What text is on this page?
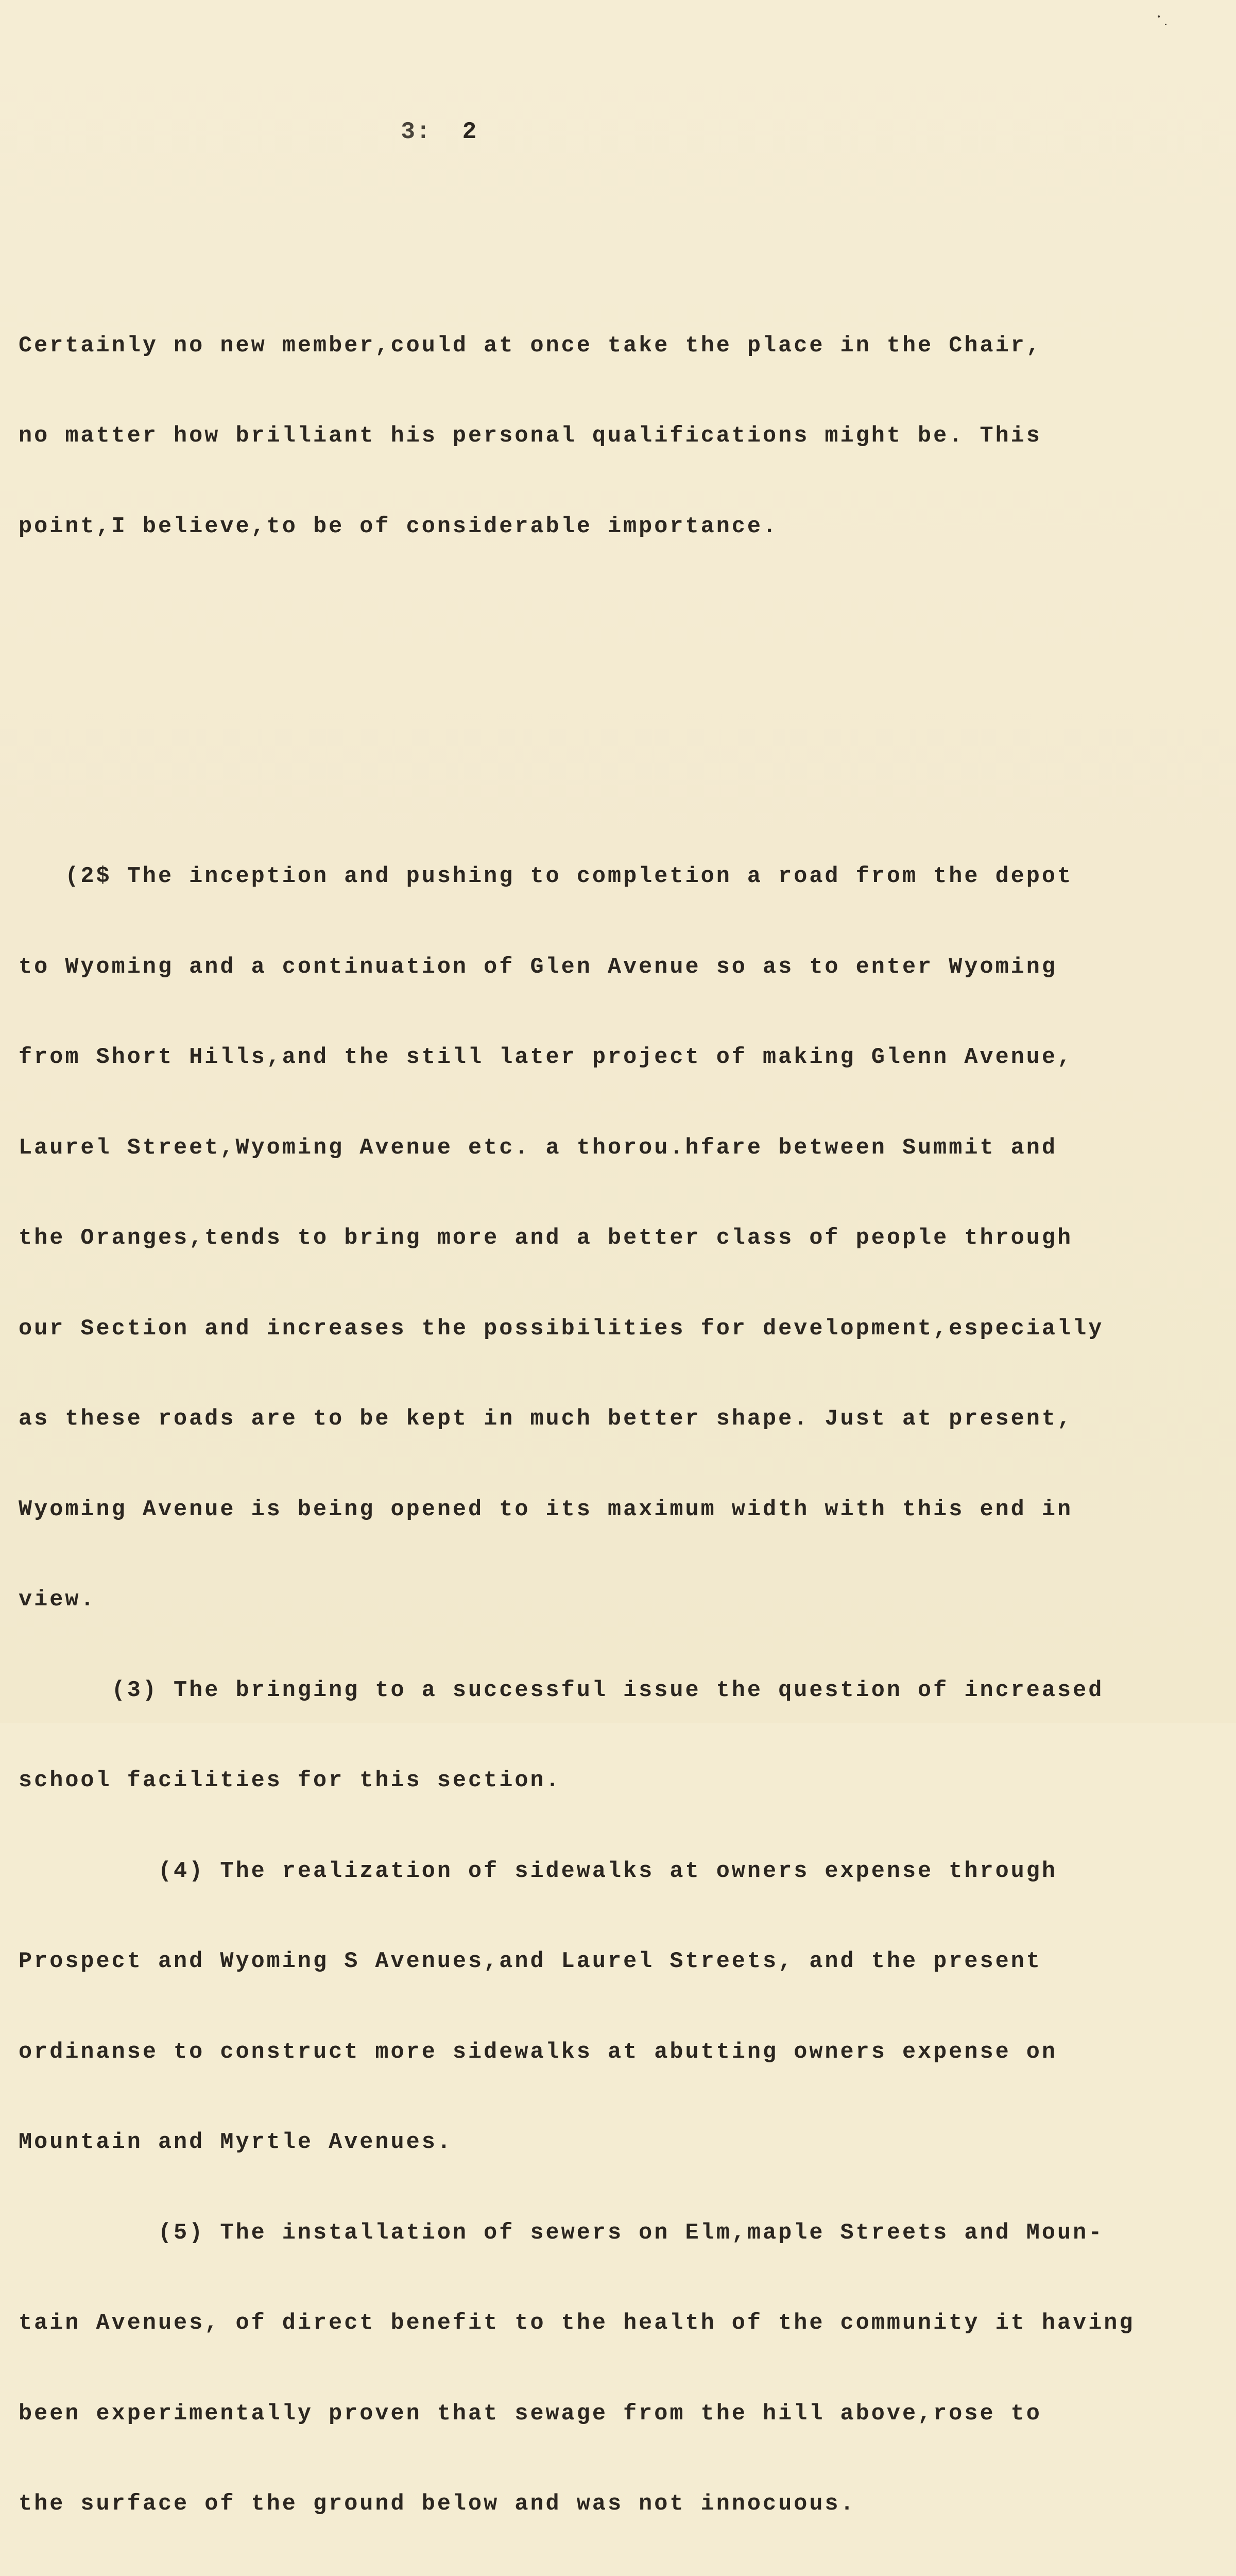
3: 2

Certainly no new member,could at once take the place in the Chair,

no matter how brilliant his personal qualifications might be. This

point,I believe,to be of considerable importance.

(2$ The inception and pushing to completion a road from the depot

to Wyoming and a continuation of Glen Avenue so as to enter Wyoming

from Short Hills,and the still later project of making Glenn Avenue,

Laurel Street,Wyoming Avenue etc. a thorou.hfare between Summit and

the Oranges,tends to bring more and a better class of people through

our Section and increases the possibilities for development,especially

as these roads are to be kept in much better shape. Just at present,

Wyoming Avenue is being opened to its maximum width with this end in

view.

(3) The bringing to a successful issue the question of increased

school facilities for this section.

(4) The realization of sidewalks at owners expense through

Prospect and Wyoming S Avenues,and Laurel Streets, and the present

ordinanse to construct more sidewalks at abutting owners expense on

Mountain and Myrtle Avenues.

(5) The installation of sewers on Elm,maple Streets and Moun-

tain Avenues, of direct benefit to the health of the community it having

been experimentally proven that sewage from the hill above,rose to

the surface of the ground below and was not innocuous.
